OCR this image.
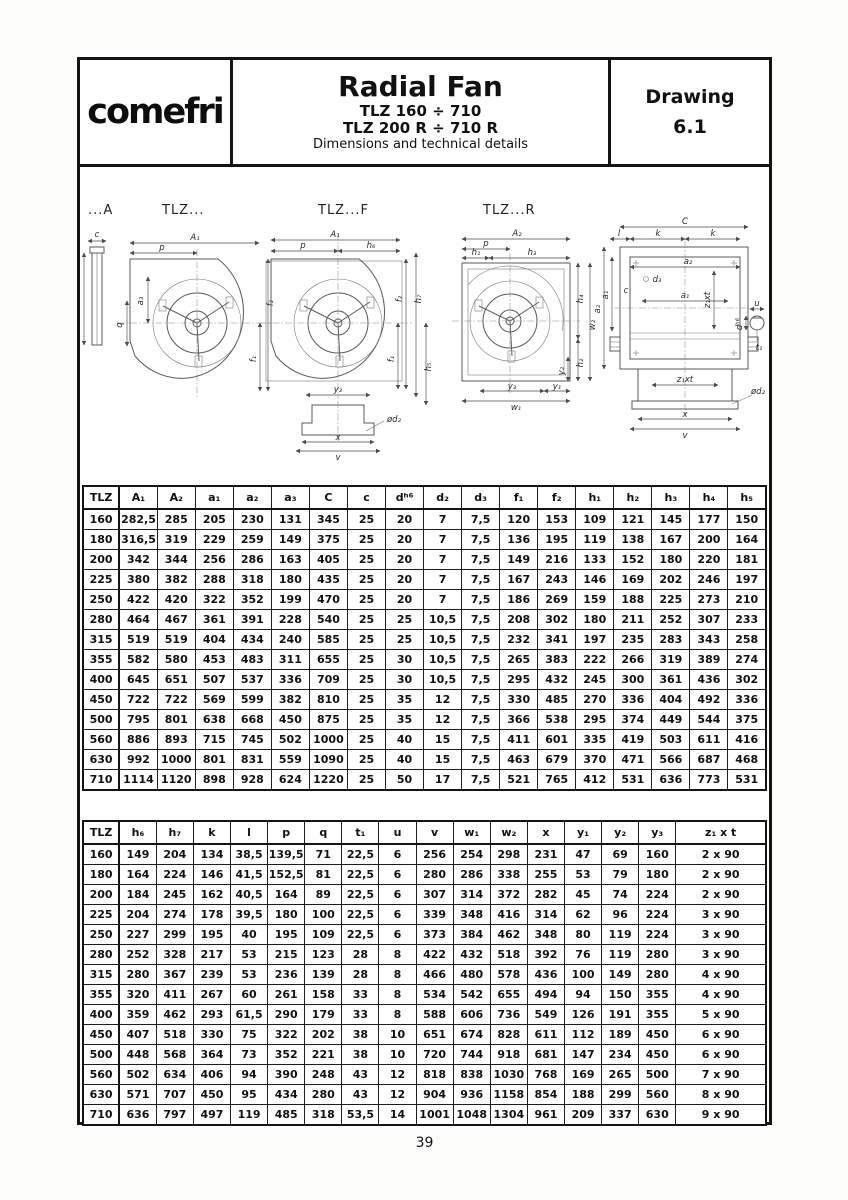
comefri
Radial Fan
TLZ 160 ÷ 710
TLZ 200 R ÷ 710 R
Dimensions and technical details
Drawing
6.1
...A	TLZ...	TLZ...F	TLZ...R
c	A₁
p
a₃
q
f₂
f₁
A₁
p	h₆
f₂ h₇
f₁
h₅
y₃
ød₂
x
v
A₂
p
h₁	h₃
h₄
w₂
h₂
y₂
y₃	y₁
w₁
C
l	k	k
a₂
d₃
c	a₁ z₁xt
a₂
a₁
z₁xt
ød₂
x
v
u
dʰ⁶
t₁
TLZ	A₁	A₂	a₁	a₂	a₃	C	c	dʰ⁶	d₂	d₃	f₁	f₂	h₁	h₂	h₃	h₄	h₅
160	282,5	285	205	230	131	345	25	20	7	7,5	120	153	109	121	145	177	150
180	316,5	319	229	259	149	375	25	20	7	7,5	136	195	119	138	167	200	164
200	342	344	256	286	163	405	25	20	7	7,5	149	216	133	152	180	220	181
225	380	382	288	318	180	435	25	20	7	7,5	167	243	146	169	202	246	197
250	422	420	322	352	199	470	25	20	7	7,5	186	269	159	188	225	273	210
280	464	467	361	391	228	540	25	25	10,5	7,5	208	302	180	211	252	307	233
315	519	519	404	434	240	585	25	25	10,5	7,5	232	341	197	235	283	343	258
355	582	580	453	483	311	655	25	30	10,5	7,5	265	383	222	266	319	389	274
400	645	651	507	537	336	709	25	30	10,5	7,5	295	432	245	300	361	436	302
450	722	722	569	599	382	810	25	35	12	7,5	330	485	270	336	404	492	336
500	795	801	638	668	450	875	25	35	12	7,5	366	538	295	374	449	544	375
560	886	893	715	745	502	1000	25	40	15	7,5	411	601	335	419	503	611	416
630	992	1000	801	831	559	1090	25	40	15	7,5	463	679	370	471	566	687	468
710	1114	1120	898	928	624	1220	25	50	17	7,5	521	765	412	531	636	773	531
TLZ	h₆	h₇	k	l	p	q	t₁	u	v	w₁	w₂	x	y₁	y₂	y₃	z₁ x t
160	149	204	134	38,5	139,5	71	22,5	6	256	254	298	231	47	69	160	2 x 90
180	164	224	146	41,5	152,5	81	22,5	6	280	286	338	255	53	79	180	2 x 90
200	184	245	162	40,5	164	89	22,5	6	307	314	372	282	45	74	224	2 x 90
225	204	274	178	39,5	180	100	22,5	6	339	348	416	314	62	96	224	3 x 90
250	227	299	195	40	195	109	22,5	6	373	384	462	348	80	119	224	3 x 90
280	252	328	217	53	215	123	28	8	422	432	518	392	76	119	280	3 x 90
315	280	367	239	53	236	139	28	8	466	480	578	436	100	149	280	4 x 90
355	320	411	267	60	261	158	33	8	534	542	655	494	94	150	355	4 x 90
400	359	462	293	61,5	290	179	33	8	588	606	736	549	126	191	355	5 x 90
450	407	518	330	75	322	202	38	10	651	674	828	611	112	189	450	6 x 90
500	448	568	364	73	352	221	38	10	720	744	918	681	147	234	450	6 x 90
560	502	634	406	94	390	248	43	12	818	838	1030	768	169	265	500	7 x 90
630	571	707	450	95	434	280	43	12	904	936	1158	854	188	299	560	8 x 90
710	636	797	497	119	485	318	53,5	14	1001	1048	1304	961	209	337	630	9 x 90
39
